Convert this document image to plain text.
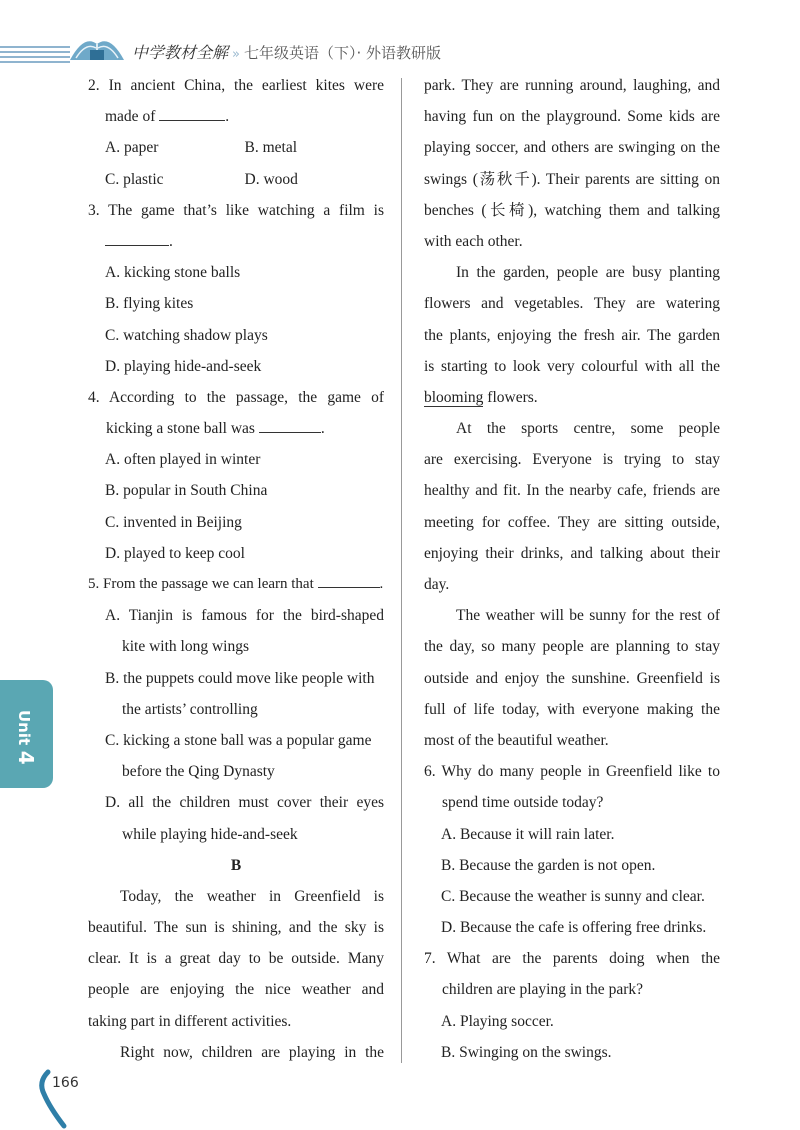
中学教材全解 » 七年级英语（下）· 外语教研版
2. In ancient China, the earliest kites were
made of	.
A. paper	B. metal
C. plastic	D. wood
3. The game that’s like watching a film is
.
A. kicking stone balls
B. flying kites
C. watching shadow plays
D. playing hide-and-seek
4. According to the passage, the game of
kicking a stone ball was	.
A. often played in winter
B. popular in South China
C. invented in Beijing
D. played to keep cool
5. From the passage we can learn that	.
A. Tianjin is famous for the bird-shaped
kite with long wings
B. the puppets could move like people with
the artists’ controlling
C. kicking a stone ball was a popular game
before the Qing Dynasty
D. all the children must cover their eyes
while playing hide-and-seek
B
Today, the weather in Greenfield is
beautiful. The sun is shining, and the sky is
clear. It is a great day to be outside. Many
people are enjoying the nice weather and
taking part in different activities.
Right now, children are playing in the
park. They are running around, laughing, and
having fun on the playground. Some kids are
playing soccer, and others are swinging on the
swings (荡秋千). Their parents are sitting on
benches (长椅), watching them and talking
with each other.
In the garden, people are busy planting
flowers and vegetables. They are watering
the plants, enjoying the fresh air. The garden
is starting to look very colourful with all the
blooming flowers.
At the sports centre, some people
are exercising. Everyone is trying to stay
healthy and fit. In the nearby cafe, friends are
meeting for coffee. They are sitting outside,
enjoying their drinks, and talking about their
day.
The weather will be sunny for the rest of
the day, so many people are planning to stay
outside and enjoy the sunshine. Greenfield is
full of life today, with everyone making the
most of the beautiful weather.
6. Why do many people in Greenfield like to
spend time outside today?
A. Because it will rain later.
B. Because the garden is not open.
C. Because the weather is sunny and clear.
D. Because the cafe is offering free drinks.
7. What are the parents doing when the
children are playing in the park?
A. Playing soccer.
B. Swinging on the swings.
Unit 4
166
